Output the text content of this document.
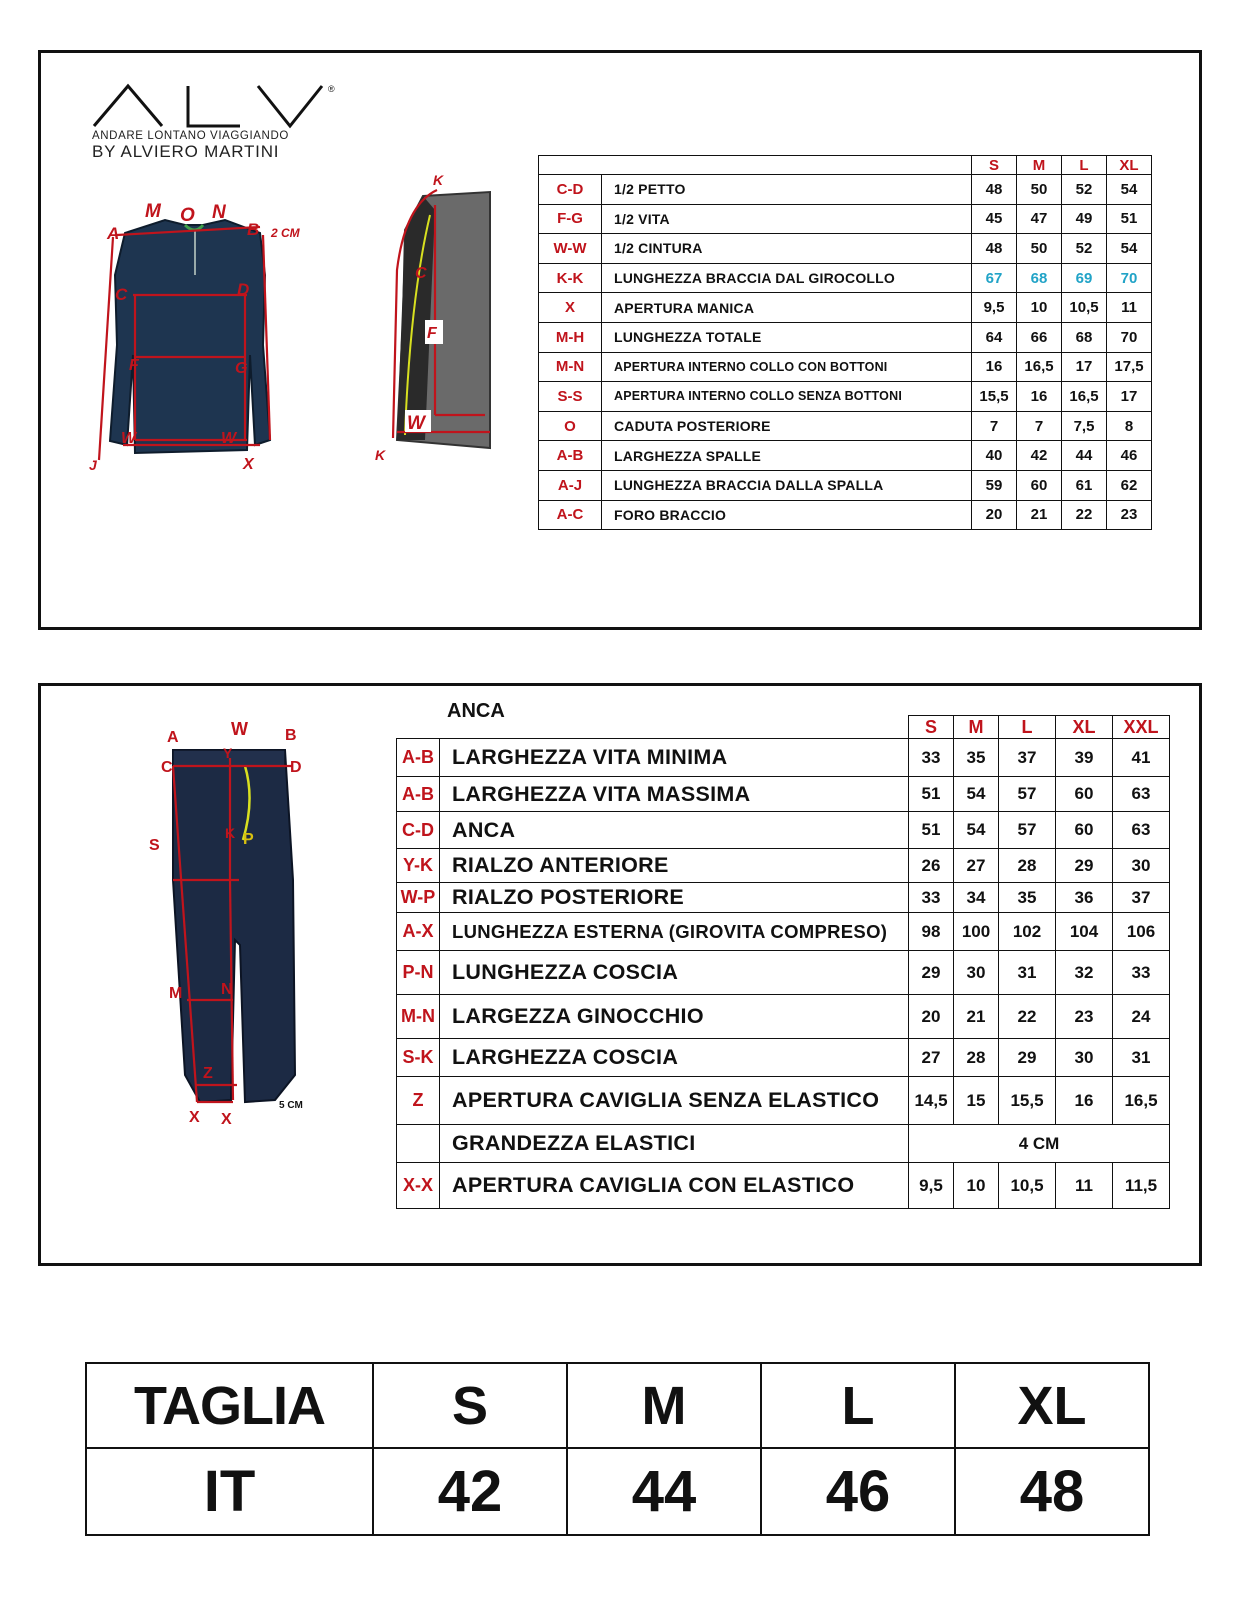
ALV
ANDARE LONTANO VIAGGIANDO
BY ALVIERO MARTINI
®
M O N
A	B 2 CM
C	D
F	G
W	W
J	X
K
C
F
W
K
		S	M	L	XL
C-D	1/2 PETTO	48	50	52	54
F-G	1/2 VITA	45	47	49	51
W-W	1/2 CINTURA	48	50	52	54
K-K	LUNGHEZZA BRACCIA DAL GIROCOLLO	67	68	69	70
X	APERTURA MANICA	9,5	10	10,5	11
M-H	LUNGHEZZA TOTALE	64	66	68	70
M-N	APERTURA INTERNO COLLO CON BOTTONI	16	16,5	17	17,5
S-S	APERTURA INTERNO COLLO SENZA BOTTONI	15,5	16	16,5	17
O	CADUTA POSTERIORE	7	7	7,5	8
A-B	LARGHEZZA SPALLE	40	42	44	46
A-J	LUNGHEZZA BRACCIA DALLA SPALLA	59	60	61	62
A-C	FORO BRACCIO	20	21	22	23
A	W B
C
Y
D
S
K P
M N
Z
X X
5 CM
ANCA
		S	M	L	XL	XXL
A-B	LARGHEZZA VITA MINIMA	33	35	37	39	41
A-B	LARGHEZZA VITA MASSIMA	51	54	57	60	63
C-D	ANCA	51	54	57	60	63
Y-K	RIALZO ANTERIORE	26	27	28	29	30
W-P	RIALZO POSTERIORE	33	34	35	36	37
A-X	LUNGHEZZA ESTERNA (GIROVITA COMPRESO)	98	100	102	104	106
P-N	LUNGHEZZA COSCIA	29	30	31	32	33
M-N	LARGEZZA GINOCCHIO	20	21	22	23	24
S-K	LARGHEZZA COSCIA	27	28	29	30	31
Z	APERTURA CAVIGLIA SENZA ELASTICO	14,5	15	15,5	16	16,5
	GRANDEZZA ELASTICI	4 CM				
X-X	APERTURA CAVIGLIA CON ELASTICO	9,5	10	10,5	11	11,5
TAGLIA	S	M	L	XL
IT	42	44	46	48
